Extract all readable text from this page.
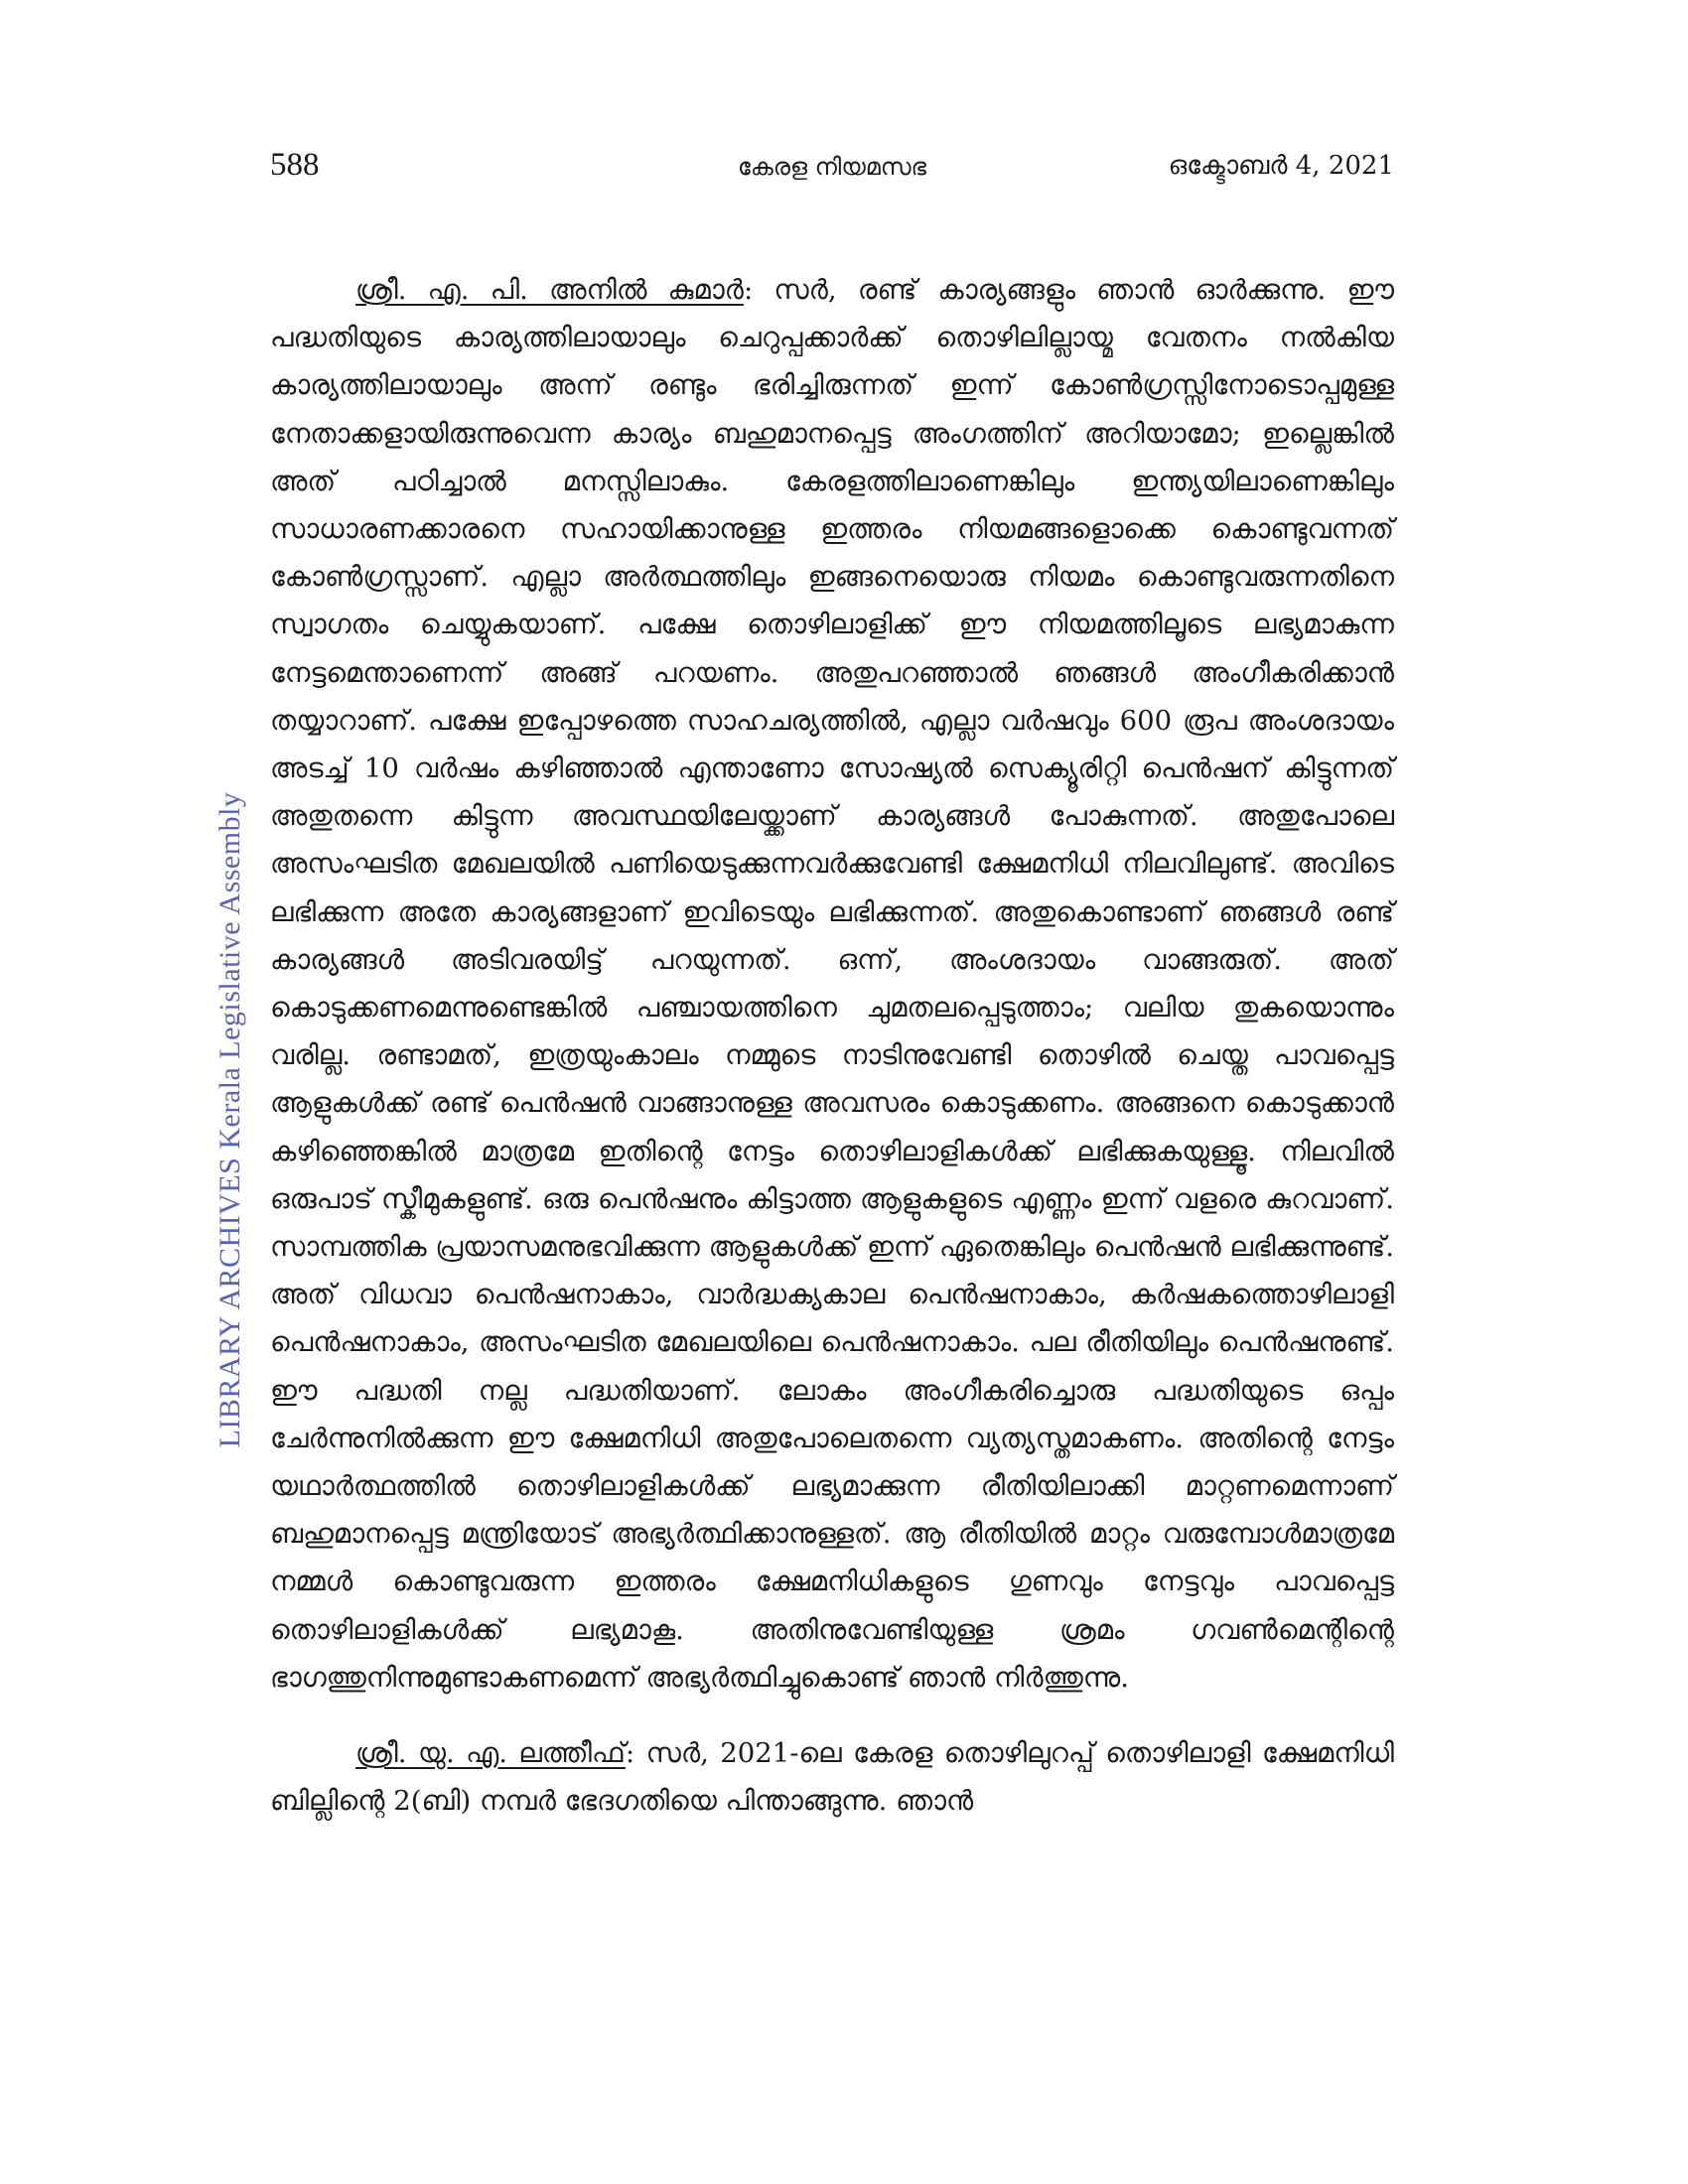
588	കേരള നിയമസഭ	ഒക്ടോബർ 4, 2021
LIBRARY ARCHIVES Kerala Legislative Assembly

ശ്രീ. എ. പി. അനിൽ കുമാർ: സർ, രണ്ട് കാര്യങ്ങളും ഞാൻ ഓർക്കുന്നു. ഈ പദ്ധതിയുടെ കാര്യത്തിലായാലും ചെറുപ്പക്കാർക്ക് തൊഴിലില്ലായ്മ വേതനം നൽകിയ കാര്യത്തിലായാലും അന്ന് രണ്ടും ഭരിച്ചിരുന്നത് ഇന്ന് കോൺഗ്രസ്സിനോടൊപ്പമുള്ള നേതാക്കളായിരുന്നുവെന്ന കാര്യം ബഹുമാനപ്പെട്ട അംഗത്തിന് അറിയാമോ; ഇല്ലെങ്കിൽ അത് പഠിച്ചാൽ മനസ്സിലാകും. കേരളത്തിലാണെങ്കിലും ഇന്ത്യയിലാണെങ്കിലും സാധാരണക്കാരനെ സഹായിക്കാനുള്ള ഇത്തരം നിയമങ്ങളൊക്കെ കൊണ്ടുവന്നത് കോൺഗ്രസ്സാണ്. എല്ലാ അർത്ഥത്തിലും ഇങ്ങനെയൊരു നിയമം കൊണ്ടുവരുന്നതിനെ സ്വാഗതം ചെയ്യുകയാണ്. പക്ഷേ തൊഴിലാളിക്ക് ഈ നിയമത്തിലൂടെ ലഭ്യമാകുന്ന നേട്ടമെന്താണെന്ന് അങ്ങ് പറയണം. അതുപറഞ്ഞാൽ ഞങ്ങൾ അംഗീകരിക്കാൻ തയ്യാറാണ്. പക്ഷേ ഇപ്പോഴത്തെ സാഹചര്യത്തിൽ, എല്ലാ വർഷവും 600 രൂപ അംശദായം അടച്ച് 10 വർഷം കഴിഞ്ഞാൽ എന്താണോ സോഷ്യൽ സെക്യൂരിറ്റി പെൻഷന് കിട്ടുന്നത് അതുതന്നെ കിട്ടുന്ന അവസ്ഥയിലേയ്ക്കാണ് കാര്യങ്ങൾ പോകുന്നത്. അതുപോലെ അസംഘടിത മേഖലയിൽ പണിയെടുക്കുന്നവർക്കുവേണ്ടി ക്ഷേമനിധി നിലവിലുണ്ട്. അവിടെ ലഭിക്കുന്ന അതേ കാര്യങ്ങളാണ് ഇവിടെയും ലഭിക്കുന്നത്. അതുകൊണ്ടാണ് ഞങ്ങൾ രണ്ട് കാര്യങ്ങൾ അടിവരയിട്ട് പറയുന്നത്. ഒന്ന്, അംശദായം വാങ്ങരുത്. അത് കൊടുക്കണമെന്നുണ്ടെങ്കിൽ പഞ്ചായത്തിനെ ചുമതലപ്പെടുത്താം; വലിയ തുകയൊന്നും വരില്ല. രണ്ടാമത്, ഇത്രയുംകാലം നമ്മുടെ നാടിനുവേണ്ടി തൊഴിൽ ചെയ്ത പാവപ്പെട്ട ആളുകൾക്ക് രണ്ട് പെൻഷൻ വാങ്ങാനുള്ള അവസരം കൊടുക്കണം. അങ്ങനെ കൊടുക്കാൻ കഴിഞ്ഞെങ്കിൽ മാത്രമേ ഇതിന്റെ നേട്ടം തൊഴിലാളികൾക്ക് ലഭിക്കുകയുള്ളൂ. നിലവിൽ ഒരുപാട് സ്കീമുകളുണ്ട്. ഒരു പെൻഷനും കിട്ടാത്ത ആളുകളുടെ എണ്ണം ഇന്ന് വളരെ കുറവാണ്. സാമ്പത്തിക പ്രയാസമനുഭവിക്കുന്ന ആളുകൾക്ക് ഇന്ന് ഏതെങ്കിലും പെൻഷൻ ലഭിക്കുന്നുണ്ട്. അത് വിധവാ പെൻഷനാകാം, വാർദ്ധക്യകാല പെൻഷനാകാം, കർഷകത്തൊഴിലാളി പെൻഷനാകാം, അസംഘടിത മേഖലയിലെ പെൻഷനാകാം. പല രീതിയിലും പെൻഷനുണ്ട്. ഈ പദ്ധതി നല്ല പദ്ധതിയാണ്. ലോകം അംഗീകരിച്ചൊരു പദ്ധതിയുടെ ഒപ്പം ചേർന്നുനിൽക്കുന്ന ഈ ക്ഷേമനിധി അതുപോലെതന്നെ വ്യത്യസ്തമാകണം. അതിന്റെ നേട്ടം യഥാർത്ഥത്തിൽ തൊഴിലാളികൾക്ക് ലഭ്യമാക്കുന്ന രീതിയിലാക്കി മാറ്റണമെന്നാണ് ബഹുമാനപ്പെട്ട മന്ത്രിയോട് അഭ്യർത്ഥിക്കാനുള്ളത്. ആ രീതിയിൽ മാറ്റം വരുമ്പോൾമാത്രമേ നമ്മൾ കൊണ്ടുവരുന്ന ഇത്തരം ക്ഷേമനിധികളുടെ ഗുണവും നേട്ടവും പാവപ്പെട്ട തൊഴിലാളികൾക്ക് ലഭ്യമാകൂ. അതിനുവേണ്ടിയുള്ള ശ്രമം ഗവൺമെന്റിന്റെ ഭാഗത്തുനിന്നുമുണ്ടാകണമെന്ന് അഭ്യർത്ഥിച്ചുകൊണ്ട് ഞാൻ നിർത്തുന്നു.

ശ്രീ. യു. എ. ലത്തീഫ്: സർ, 2021-ലെ കേരള തൊഴിലുറപ്പ് തൊഴിലാളി ക്ഷേമനിധി ബില്ലിന്റെ 2(ബി) നമ്പർ ഭേദഗതിയെ പിന്താങ്ങുന്നു. ഞാൻ
